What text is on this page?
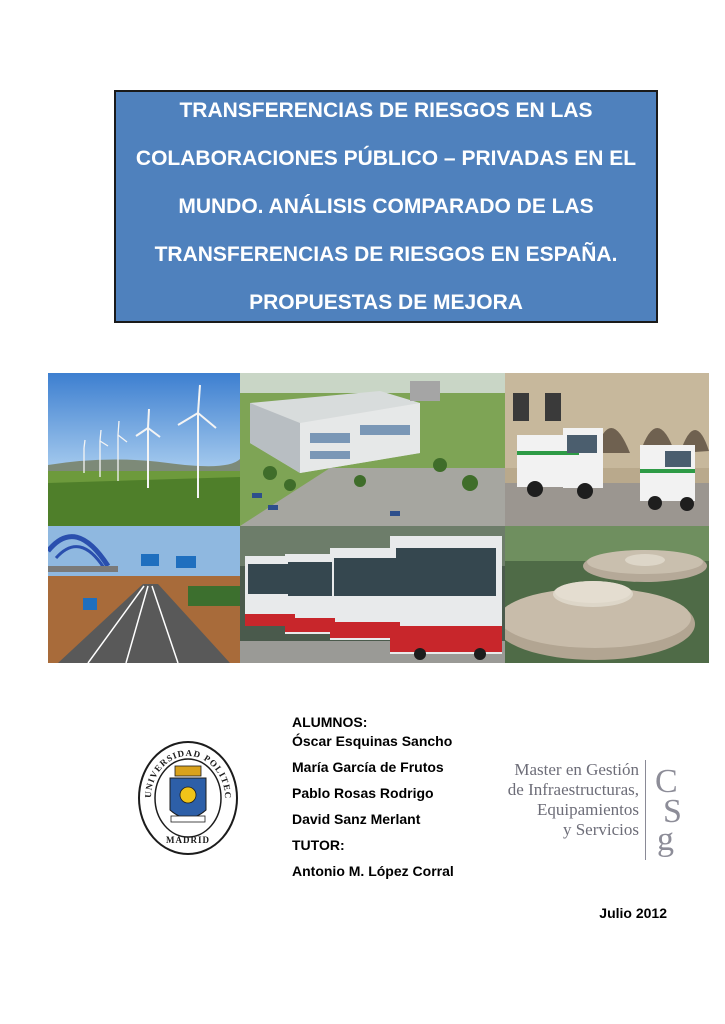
TRANSFERENCIAS DE RIESGOS EN LAS COLABORACIONES PÚBLICO – PRIVADAS EN EL MUNDO. ANÁLISIS COMPARADO DE LAS TRANSFERENCIAS DE RIESGOS EN ESPAÑA. PROPUESTAS DE MEJORA

UNIVERSIDAD POLITEC
MADRID
ALUMNOS:
Óscar Esquinas Sancho
María García de Frutos
Pablo Rosas Rodrigo
David Sanz Merlant
TUTOR:
Antonio M. López Corral
Master en Gestión
de Infraestructuras,
Equipamientos
y Servicios
C
S
g
Julio 2012
